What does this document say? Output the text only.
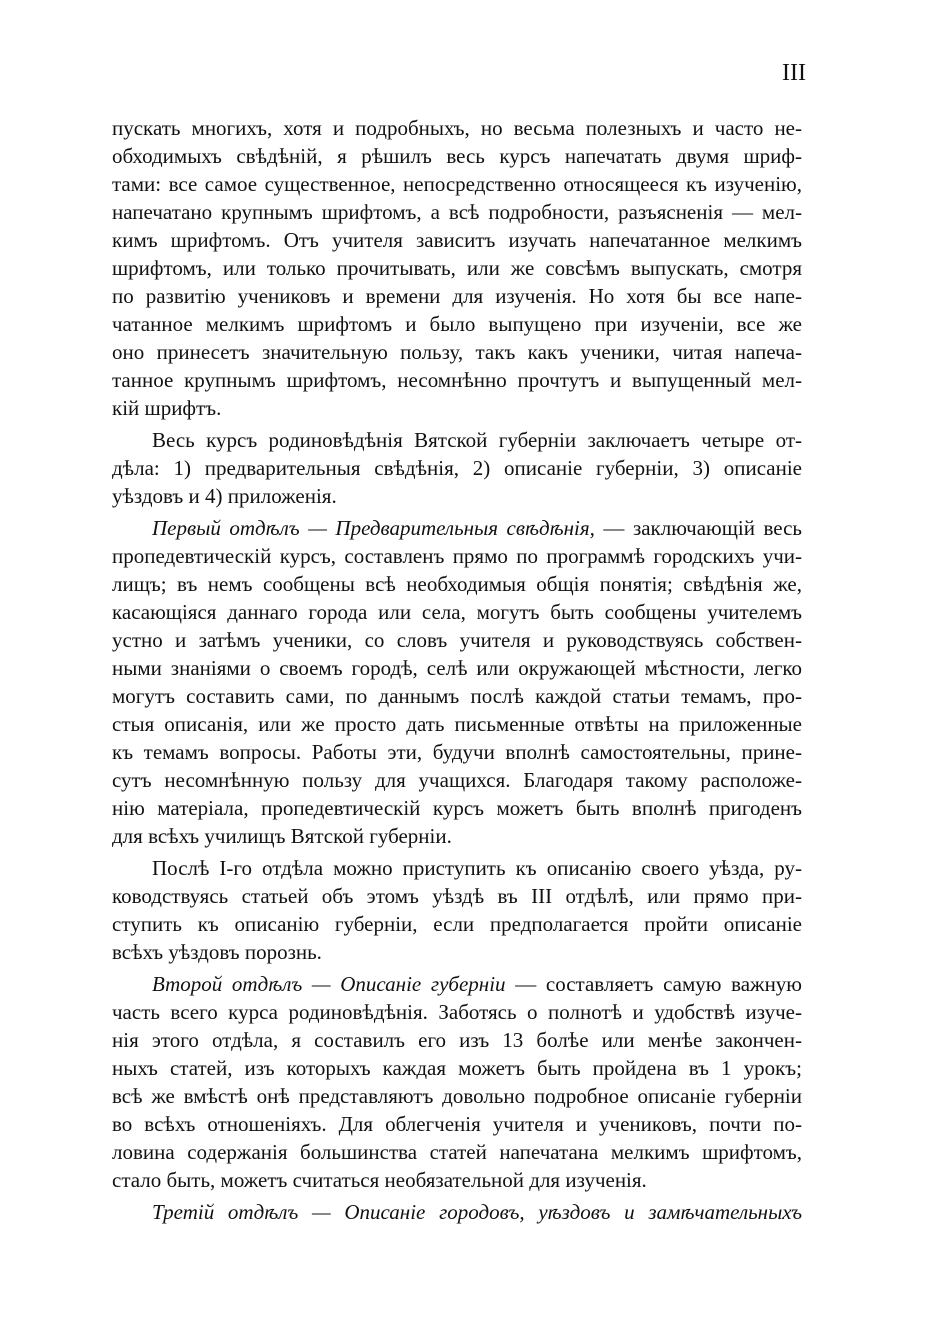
III
пускать многихъ, хотя и подробныхъ, но весьма полезныхъ и часто не-
обходимыхъ свѣдѣній, я рѣшилъ весь курсъ напечатать двумя шриф-
тами: все самое существенное, непосредственно относящееся къ изученію,
напечатано крупнымъ шрифтомъ, а всѣ подробности, разъясненія — мел-
кимъ шрифтомъ. Отъ учителя зависитъ изучать напечатанное мелкимъ
шрифтомъ, или только прочитывать, или же совсѣмъ выпускать, смотря
по развитію учениковъ и времени для изученія. Но хотя бы все напе-
чатанное мелкимъ шрифтомъ и было выпущено при изученіи, все же
оно принесетъ значительную пользу, такъ какъ ученики, читая напеча-
танное крупнымъ шрифтомъ, несомнѣнно прочтутъ и выпущенный мел-
кій шрифтъ.
Весь курсъ родиновѣдѣнія Вятской губерніи заключаетъ четыре от-
дѣла: 1) предварительныя свѣдѣнія, 2) описаніе губерніи, 3) описаніе
уѣздовъ и 4) приложенія.
Первый отдѣлъ — Предварительныя свѣдѣнія, — заключающій весь
пропедевтическій курсъ, составленъ прямо по программѣ городскихъ учи-
лищъ; въ немъ сообщены всѣ необходимыя общія понятія; свѣдѣнія же,
касающіяся даннаго города или села, могутъ быть сообщены учителемъ
устно и затѣмъ ученики, со словъ учителя и руководствуясь собствен-
ными знаніями о своемъ городѣ, селѣ или окружающей мѣстности, легко
могутъ составить сами, по даннымъ послѣ каждой статьи темамъ, про-
стыя описанія, или же просто дать письменные отвѣты на приложенные
къ темамъ вопросы. Работы эти, будучи вполнѣ самостоятельны, прине-
сутъ несомнѣнную пользу для учащихся. Благодаря такому расположе-
нію матеріала, пропедевтическій курсъ можетъ быть вполнѣ пригоденъ
для всѣхъ училищъ Вятской губерніи.
Послѣ I-го отдѣла можно приступить къ описанію своего уѣзда, ру-
ководствуясь статьей объ этомъ уѣздѣ въ III отдѣлѣ, или прямо при-
ступить къ описанію губерніи, если предполагается пройти описаніе
всѣхъ уѣздовъ порознь.
Второй отдѣлъ — Описаніе губерніи — составляетъ самую важную
часть всего курса родиновѣдѣнія. Заботясь о полнотѣ и удобствѣ изуче-
нія этого отдѣла, я составилъ его изъ 13 болѣе или менѣе закончен-
ныхъ статей, изъ которыхъ каждая можетъ быть пройдена въ 1 урокъ;
всѣ же вмѣстѣ онѣ представляютъ довольно подробное описаніе губерніи
во всѣхъ отношеніяхъ. Для облегченія учителя и учениковъ, почти по-
ловина содержанія большинства статей напечатана мелкимъ шрифтомъ,
стало быть, можетъ считаться необязательной для изученія.
Третій отдѣлъ — Описаніе городовъ, уѣздовъ и замѣчательныхъ
